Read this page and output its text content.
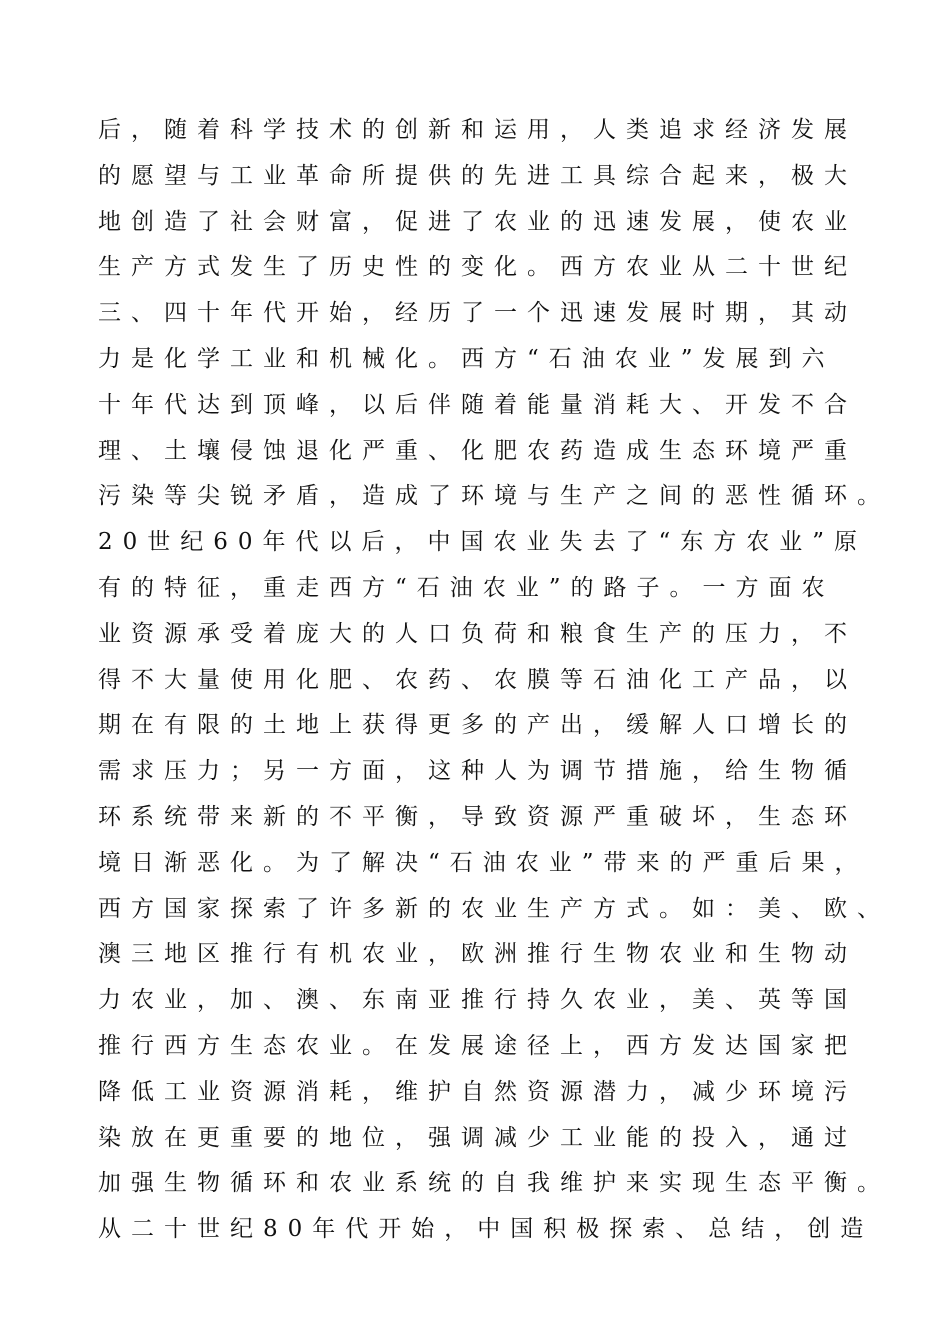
后，随着科学技术的创新和运用，人类追求经济发展
的愿望与工业革命所提供的先进工具综合起来，极大
地创造了社会财富，促进了农业的迅速发展，使农业
生产方式发生了历史性的变化。西方农业从二十世纪
三、四十年代开始，经历了一个迅速发展时期，其动
力是化学工业和机械化。西方“石油农业”发展到六
十年代达到顶峰，以后伴随着能量消耗大、开发不合
理、土壤侵蚀退化严重、化肥农药造成生态环境严重
污染等尖锐矛盾，造成了环境与生产之间的恶性循环。
20世纪60年代以后，中国农业失去了“东方农业”原
有的特征，重走西方“石油农业”的路子。一方面农
业资源承受着庞大的人口负荷和粮食生产的压力，不
得不大量使用化肥、农药、农膜等石油化工产品，以
期在有限的土地上获得更多的产出，缓解人口增长的
需求压力；另一方面，这种人为调节措施，给生物循
环系统带来新的不平衡，导致资源严重破坏，生态环
境日渐恶化。为了解决“石油农业”带来的严重后果，
西方国家探索了许多新的农业生产方式。如：美、欧、
澳三地区推行有机农业，欧洲推行生物农业和生物动
力农业，加、澳、东南亚推行持久农业，美、英等国
推行西方生态农业。在发展途径上，西方发达国家把
降低工业资源消耗，维护自然资源潜力，减少环境污
染放在更重要的地位，强调减少工业能的投入，通过
加强生物循环和农业系统的自我维护来实现生态平衡。
从二十世纪80年代开始，中国积极探索、总结，创造
